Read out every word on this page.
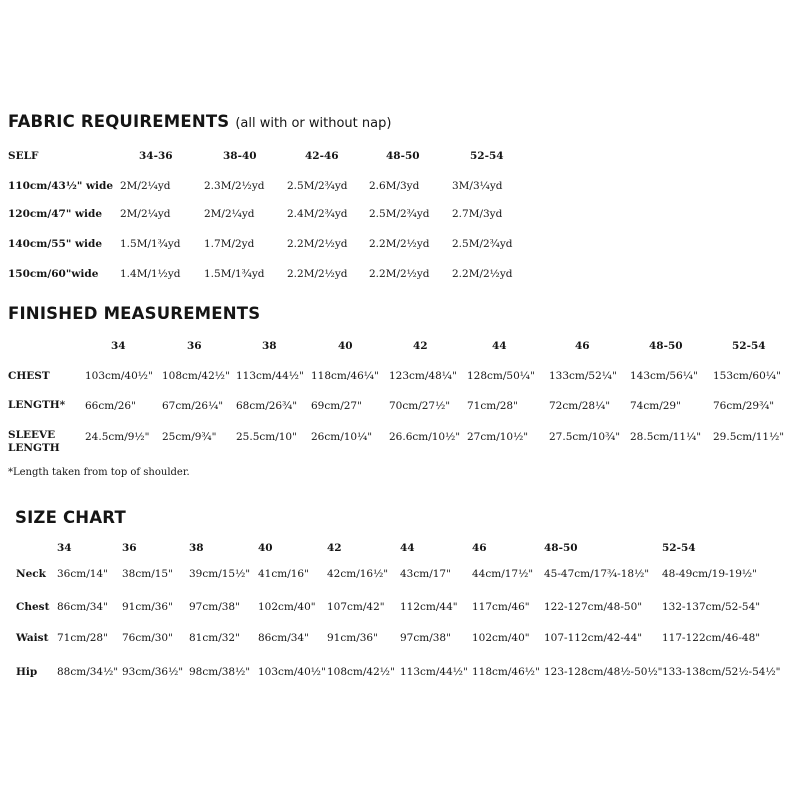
FABRIC REQUIREMENTS (all with or without nap)
SELF	34-36	38-40	42-46	48-50	52-54
110cm/43½" wide 2M/2¼yd	2.3M/2½yd 2.5M/2¾yd 2.6M/3yd	3M/3¼yd
120cm/47" wide 2M/2¼yd	2M/2¼yd	2.4M/2¾yd 2.5M/2¾yd 2.7M/3yd
140cm/55" wide 1.5M/1¾yd 1.7M/2yd	2.2M/2½yd 2.2M/2½yd 2.5M/2¾yd
150cm/60"wide 1.4M/1½yd 1.5M/1¾yd 2.2M/2½yd 2.2M/2½yd 2.2M/2½yd
FINISHED MEASUREMENTS
34	36	38	40	42	44	46	48-50	52-54
CHEST	103cm/40½" 108cm/42½" 113cm/44½" 118cm/46¼" 123cm/48¼" 128cm/50¼" 133cm/52¼" 143cm/56¼" 153cm/60¼"
LENGTH* 66cm/26" 67cm/26¼" 68cm/26¾" 69cm/27"	70cm/27½" 71cm/28"	72cm/28¼" 74cm/29"	76cm/29¾"
SLEEVE
LENGTH
24.5cm/9½" 25cm/9¾" 25.5cm/10" 26cm/10¼" 26.6cm/10½" 27cm/10½" 27.5cm/10¾" 28.5cm/11¼" 29.5cm/11½"
*Length taken from top of shoulder.
SIZE CHART
34	36	38	40	42	44	46	48-50	52-54
Neck 36cm/14" 38cm/15" 39cm/15½" 41cm/16" 42cm/16½" 43cm/17" 44cm/17½" 45-47cm/17¾-18½" 48-49cm/19-19½"
Chest 86cm/34" 91cm/36" 97cm/38" 102cm/40" 107cm/42" 112cm/44" 117cm/46" 122-127cm/48-50" 132-137cm/52-54"
Waist 71cm/28" 76cm/30" 81cm/32" 86cm/34" 91cm/36" 97cm/38" 102cm/40" 107-112cm/42-44" 117-122cm/46-48"
Hip 88cm/34½" 93cm/36½" 98cm/38½" 103cm/40½" 108cm/42½" 113cm/44½" 118cm/46½" 123-128cm/48½-50½" 133-138cm/52½-54½"
